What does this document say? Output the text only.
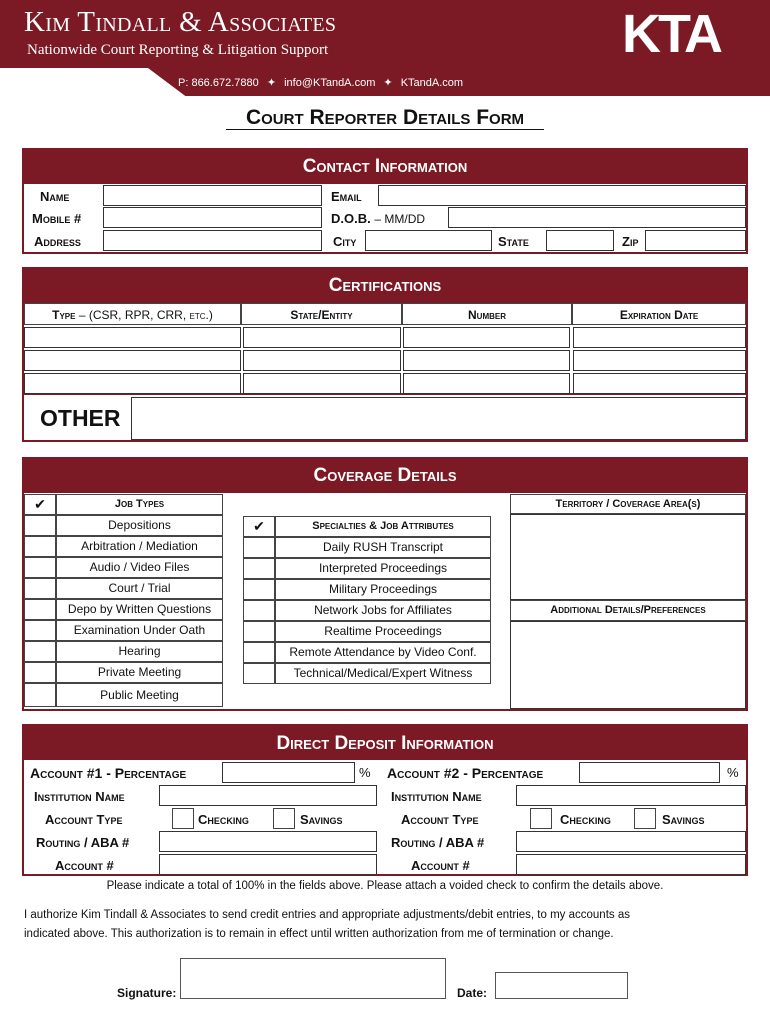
Kim Tindall & Associates
Nationwide Court Reporting & Litigation Support	KTA
P: 866.672.7880 ✦ info@KTandA.com ✦ KTandA.com
Court Reporter Details Form
Contact Information
Name	Email
Mobile #	D.O.B. – MM/DD
Address	City	State	Zip
Certifications
Type – (CSR, RPR, CRR, etc.)	State/Entity	Number	Expiration Date
OTHER
Coverage Details
✔	Job Types
Depositions
Arbitration / Mediation
Audio / Video Files
Court / Trial
Depo by Written Questions
Examination Under Oath
Hearing
Private Meeting
Public Meeting
✔	Specialties & Job Attributes
Daily RUSH Transcript
Interpreted Proceedings
Military Proceedings
Network Jobs for Affiliates
Realtime Proceedings
Remote Attendance by Video Conf.
Technical/Medical/Expert Witness
Territory / Coverage Area(s)
Additional Details/Preferences
Direct Deposit Information
Account #1 - Percentage	%
Institution Name
Account Type	Checking	Savings
Routing / ABA #
Account #
Account #2 - Percentage	%
Institution Name
Account Type	Checking	Savings
Routing / ABA #
Account #
Please indicate a total of 100% in the fields above. Please attach a voided check to confirm the details above.
I authorize Kim Tindall & Associates to send credit entries and appropriate adjustments/debit entries, to my accounts as
indicated above. This authorization is to remain in effect until written authorization from me of termination or change.
Signature:	Date:
